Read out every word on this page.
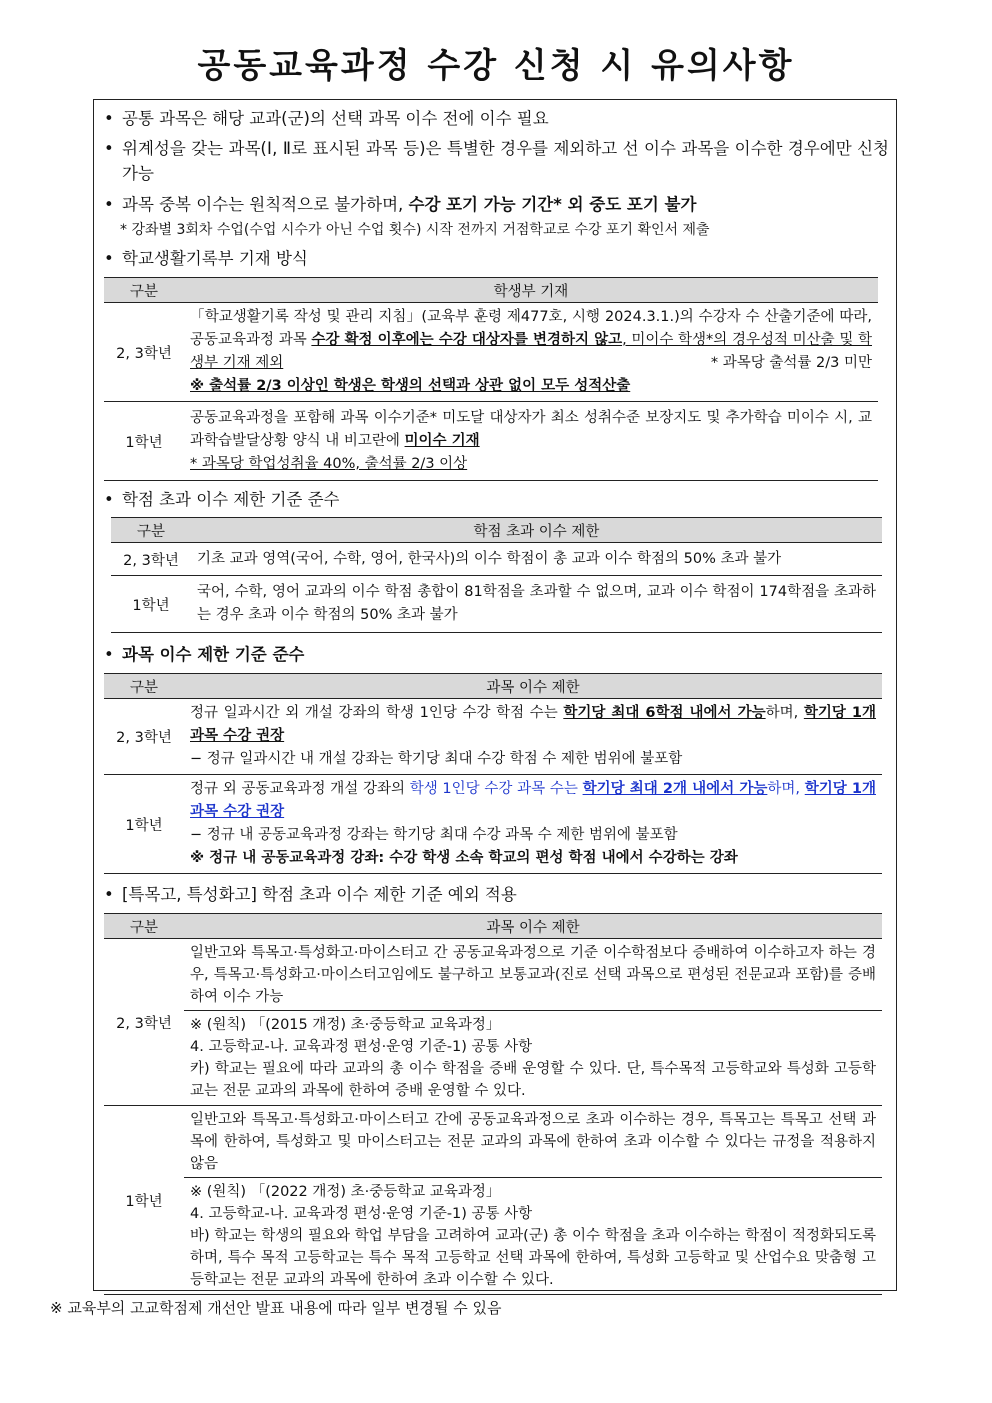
공동교육과정 수강 신청 시 유의사항
• 공통 과목은 해당 교과(군)의 선택 과목 이수 전에 이수 필요
• 위계성을 갖는 과목(Ⅰ, Ⅱ로 표시된 과목 등)은 특별한 경우를 제외하고 선 이수 과목을 이수한 경우에만 신청 가능
• 과목 중복 이수는 원칙적으로 불가하며, 수강 포기 가능 기간* 외 중도 포기 불가
* 강좌별 3회차 수업(수업 시수가 아닌 수업 횟수) 시작 전까지 거점학교로 수강 포기 확인서 제출
• 학교생활기록부 기재 방식
구분	학생부 기재
2, 3학년	「학교생활기록 작성 및 관리 지침」(교육부 훈령 제477호, 시행 2024.3.1.)의 수강자 수 산출기준에 따라, 공동교육과정 과목 수강 확정 이후에는 수강 대상자를 변경하지 않고, 미이수 학생*의 경우성적 미산출 및 학생부 기재 제외 * 과목당 출석률 2/3 미만

※ 출석률 2/3 이상인 학생은 학생의 선택과 상관 없이 모두 성적산출
1학년	공동교육과정을 포함해 과목 이수기준* 미도달 대상자가 최소 성취수준 보장지도 및 추가학습 미이수 시, 교과학습발달상황 양식 내 비고란에 미이수 기재
* 과목당 학업성취율 40%, 출석률 2/3 이상
• 학점 초과 이수 제한 기준 준수
구분	학점 초과 이수 제한
2, 3학년	기초 교과 영역(국어, 수학, 영어, 한국사)의 이수 학점이 총 교과 이수 학점의 50% 초과 불가
1학년	국어, 수학, 영어 교과의 이수 학점 총합이 81학점을 초과할 수 없으며, 교과 이수 학점이 174학점을 초과하는 경우 초과 이수 학점의 50% 초과 불가
• 과목 이수 제한 기준 준수
구분	과목 이수 제한
2, 3학년	정규 일과시간 외 개설 강좌의 학생 1인당 수강 학점 수는 학기당 최대 6학점 내에서 가능하며, 학기당 1개 과목 수강 권장
− 정규 일과시간 내 개설 강좌는 학기당 최대 수강 학점 수 제한 범위에 불포함
1학년	정규 외 공동교육과정 개설 강좌의 학생 1인당 수강 과목 수는 학기당 최대 2개 내에서 가능하며, 학기당 1개 과목 수강 권장
− 정규 내 공동교육과정 강좌는 학기당 최대 수강 과목 수 제한 범위에 불포함
※ 정규 내 공동교육과정 강좌: 수강 학생 소속 학교의 편성 학점 내에서 수강하는 강좌
• [특목고, 특성화고] 학점 초과 이수 제한 기준 예외 적용
구분	과목 이수 제한
2, 3학년	일반고와 특목고·특성화고·마이스터고 간 공동교육과정으로 기준 이수학점보다 증배하여 이수하고자 하는 경우, 특목고·특성화고·마이스터고임에도 불구하고 보통교과(진로 선택 과목으로 편성된 전문교과 포함)를 증배하여 이수 가능
※ (원칙) 「(2015 개정) 초·중등학교 교육과정」
4. 고등학교-나. 교육과정 편성·운영 기준-1) 공통 사항
카) 학교는 필요에 따라 교과의 총 이수 학점을 증배 운영할 수 있다. 단, 특수목적 고등학교와 특성화 고등학교는 전문 교과의 과목에 한하여 증배 운영할 수 있다.

1학년	일반고와 특목고·특성화고·마이스터고 간에 공동교육과정으로 초과 이수하는 경우, 특목고는 특목고 선택 과목에 한하여, 특성화고 및 마이스터고는 전문 교과의 과목에 한하여 초과 이수할 수 있다는 규정을 적용하지 않음
※ (원칙) 「(2022 개정) 초·중등학교 교육과정」
4. 고등학교-나. 교육과정 편성·운영 기준-1) 공통 사항
바) 학교는 학생의 필요와 학업 부담을 고려하여 교과(군) 총 이수 학점을 초과 이수하는 학점이 적정화되도록 하며, 특수 목적 고등학교는 특수 목적 고등학교 선택 과목에 한하여, 특성화 고등학교 및 산업수요 맞춤형 고등학교는 전문 교과의 과목에 한하여 초과 이수할 수 있다.
※ 교육부의 고교학점제 개선안 발표 내용에 따라 일부 변경될 수 있음
